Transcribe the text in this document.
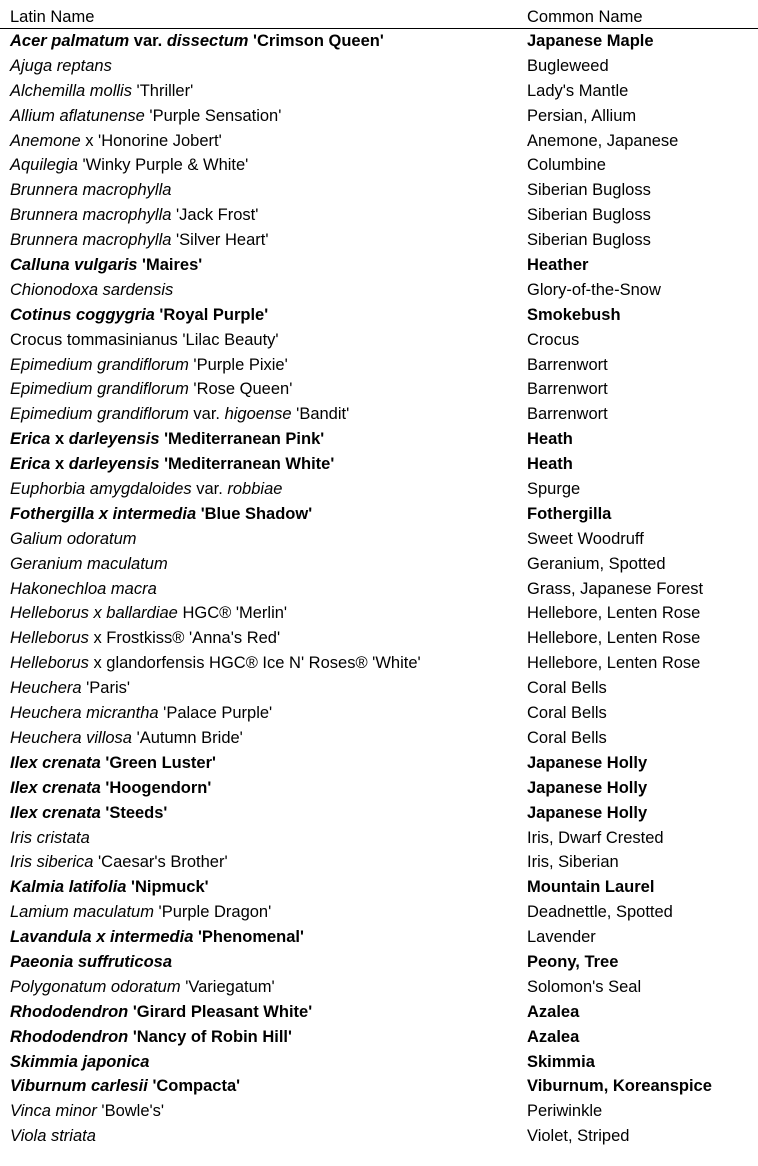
Latin Name	Common Name
Acer palmatum var. dissectum 'Crimson Queen'	Japanese Maple
Ajuga reptans	Bugleweed
Alchemilla mollis 'Thriller'	Lady's Mantle
Allium aflatunense 'Purple Sensation'	Persian, Allium
Anemone x 'Honorine Jobert'	Anemone, Japanese
Aquilegia 'Winky Purple & White'	Columbine
Brunnera macrophylla	Siberian Bugloss
Brunnera macrophylla 'Jack Frost'	Siberian Bugloss
Brunnera macrophylla 'Silver Heart'	Siberian Bugloss
Calluna vulgaris 'Maires'	Heather
Chionodoxa sardensis	Glory-of-the-Snow
Cotinus coggygria 'Royal Purple'	Smokebush
Crocus tommasinianus 'Lilac Beauty'	Crocus
Epimedium grandiflorum 'Purple Pixie'	Barrenwort
Epimedium grandiflorum 'Rose Queen'	Barrenwort
Epimedium grandiflorum var. higoense 'Bandit'	Barrenwort
Erica x darleyensis 'Mediterranean Pink'	Heath
Erica x darleyensis 'Mediterranean White'	Heath
Euphorbia amygdaloides var. robbiae	Spurge
Fothergilla x intermedia 'Blue Shadow'	Fothergilla
Galium odoratum	Sweet Woodruff
Geranium maculatum	Geranium, Spotted
Hakonechloa macra	Grass, Japanese Forest
Helleborus x ballardiae HGC® 'Merlin'	Hellebore, Lenten Rose
Helleborus x Frostkiss® 'Anna's Red'	Hellebore, Lenten Rose
Helleborus x glandorfensis HGC® Ice N' Roses® 'White'	Hellebore, Lenten Rose
Heuchera 'Paris'	Coral Bells
Heuchera micrantha 'Palace Purple'	Coral Bells
Heuchera villosa 'Autumn Bride'	Coral Bells
Ilex crenata 'Green Luster'	Japanese Holly
Ilex crenata 'Hoogendorn'	Japanese Holly
Ilex crenata 'Steeds'	Japanese Holly
Iris cristata	Iris, Dwarf Crested
Iris siberica 'Caesar's Brother'	Iris, Siberian
Kalmia latifolia 'Nipmuck'	Mountain Laurel
Lamium maculatum 'Purple Dragon'	Deadnettle, Spotted
Lavandula x intermedia 'Phenomenal'	Lavender
Paeonia suffruticosa	Peony, Tree
Polygonatum odoratum 'Variegatum'	Solomon's Seal
Rhododendron 'Girard Pleasant White'	Azalea
Rhododendron 'Nancy of Robin Hill'	Azalea
Skimmia japonica	Skimmia
Viburnum carlesii 'Compacta'	Viburnum, Koreanspice
Vinca minor 'Bowle's'	Periwinkle
Viola striata	Violet, Striped
